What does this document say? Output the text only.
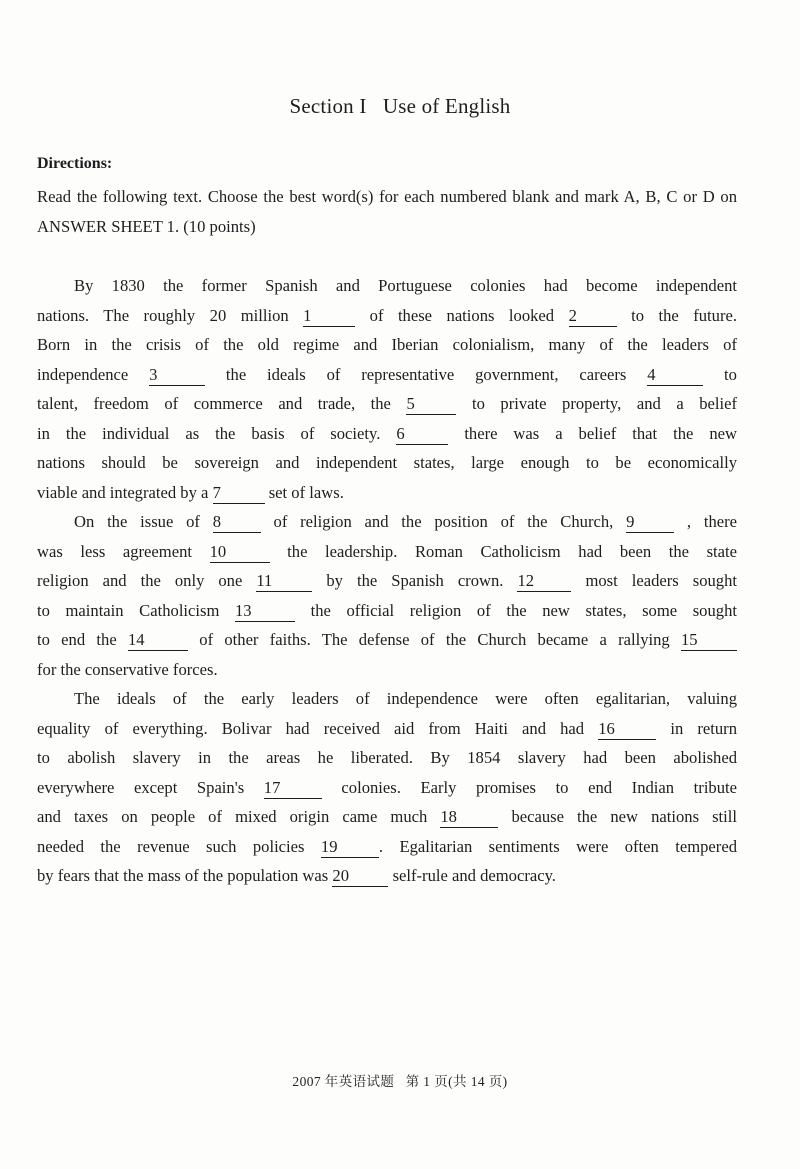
Section I   Use of English
Directions:
Read the following text. Choose the best word(s) for each numbered blank and mark A, B, C or D on ANSWER SHEET 1. (10 points)
By 1830 the former Spanish and Portuguese colonies had become independent
nations. The roughly 20 million 1	of these nations looked 2	to the future.
Born in the crisis of the old regime and Iberian colonialism, many of the leaders of
independence 3	the ideals of representative government, careers 4	to
talent, freedom of commerce and trade, the 5	to private property, and a belief
in the individual as the basis of society. 6	there was a belief that the new
nations should be sovereign and independent states, large enough to be economically
viable and integrated by a 7	set of laws.
On the issue of 8	of religion and the position of the Church, 9	, there
was less agreement 10	the leadership. Roman Catholicism had been the state
religion and the only one 11	by the Spanish crown. 12	most leaders sought
to maintain Catholicism 13	the official religion of the new states, some sought
to end the 14	of other faiths. The defense of the Church became a rallying 15
for the conservative forces.
The ideals of the early leaders of independence were often egalitarian, valuing
equality of everything. Bolivar had received aid from Haiti and had 16	in return
to abolish slavery in the areas he liberated. By 1854 slavery had been abolished
everywhere except Spain's 17	colonies. Early promises to end Indian tribute
and taxes on people of mixed origin came much 18	because the new nations still
needed the revenue such policies 19 . Egalitarian sentiments were often tempered
by fears that the mass of the population was 20	self-rule and democracy.
2007 年英语试题   第 1 页(共 14 页)
